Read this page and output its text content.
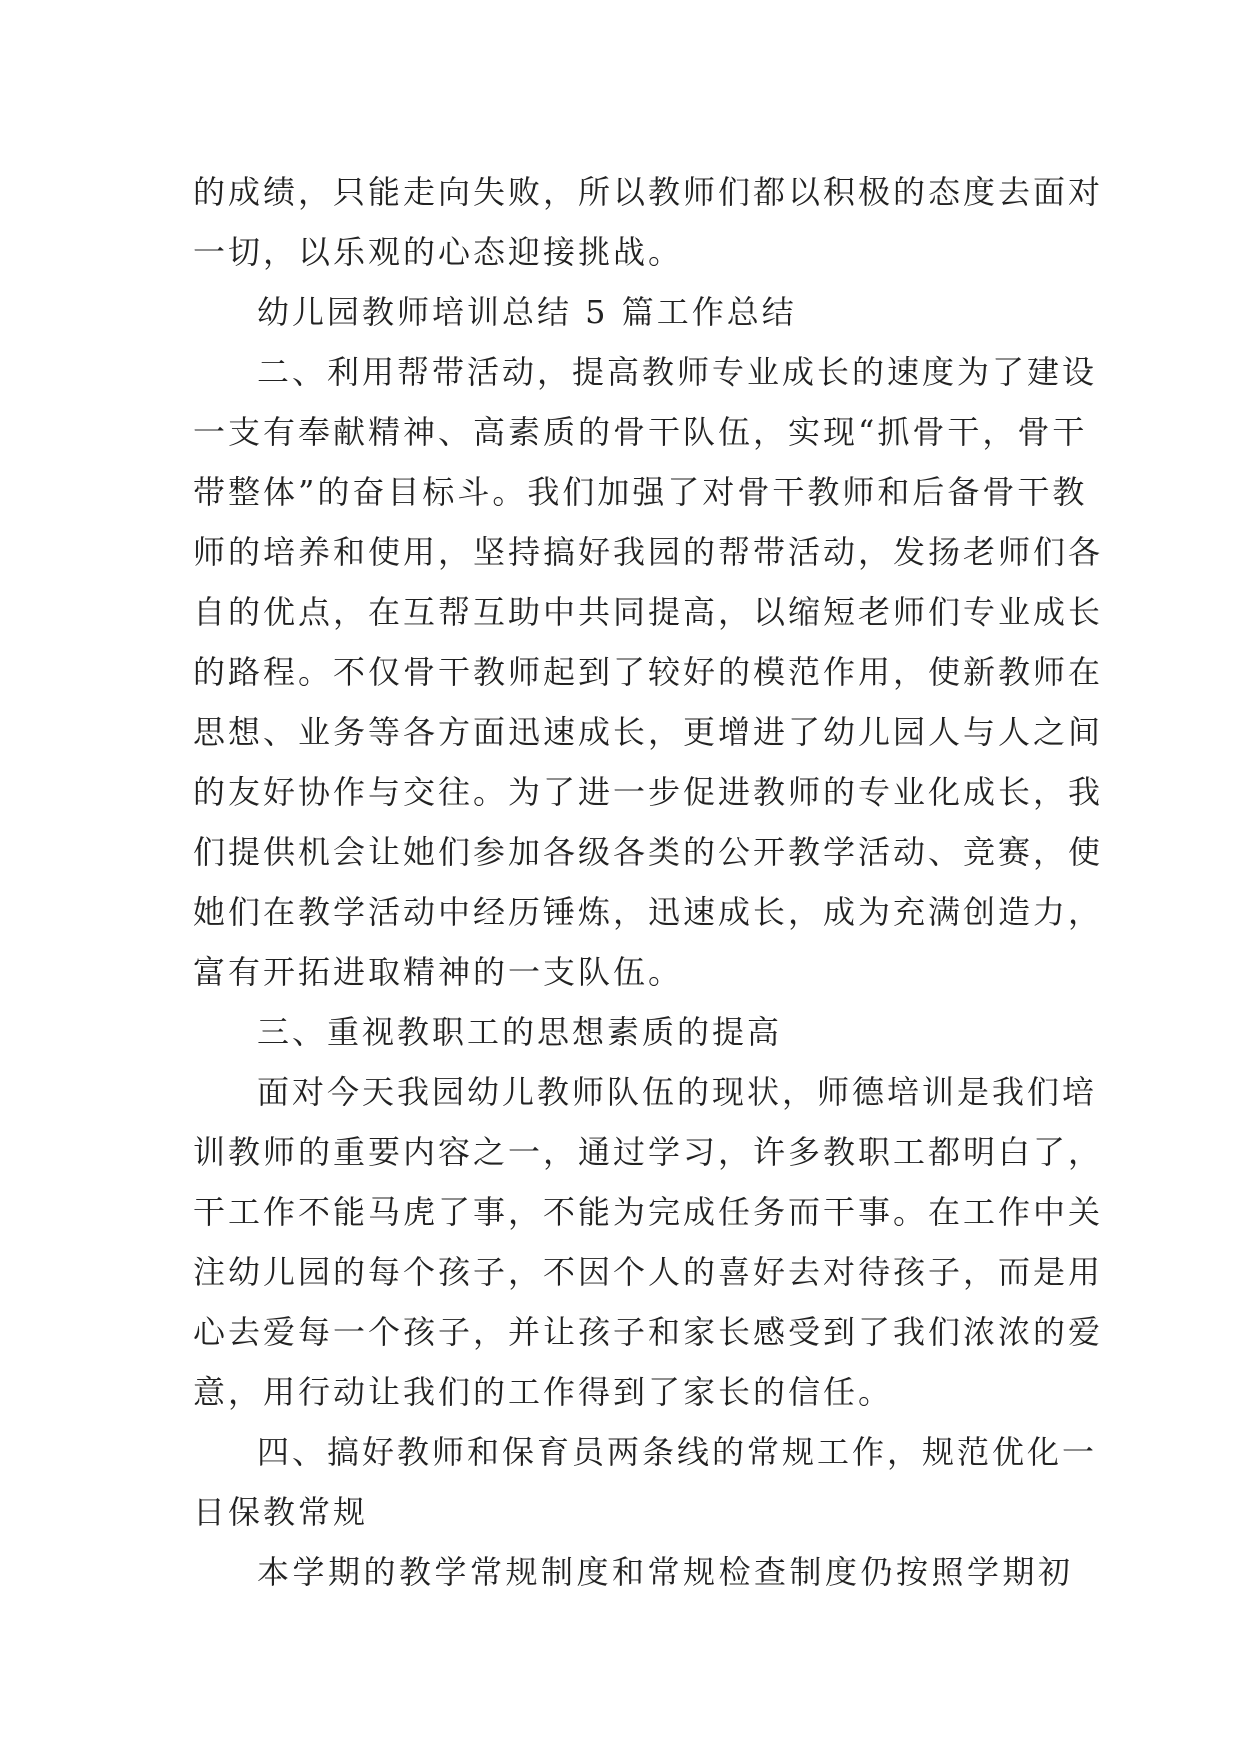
的成绩，只能走向失败，所以教师们都以积极的态度去面对
一切，以乐观的心态迎接挑战。
幼儿园教师培训总结 5 篇工作总结
二、利用帮带活动，提高教师专业成长的速度为了建设
一支有奉献精神、高素质的骨干队伍，实现“抓骨干，骨干
带整体”的奋目标斗。我们加强了对骨干教师和后备骨干教
师的培养和使用，坚持搞好我园的帮带活动，发扬老师们各
自的优点，在互帮互助中共同提高，以缩短老师们专业成长
的路程。不仅骨干教师起到了较好的模范作用，使新教师在
思想、业务等各方面迅速成长，更增进了幼儿园人与人之间
的友好协作与交往。为了进一步促进教师的专业化成长，我
们提供机会让她们参加各级各类的公开教学活动、竞赛，使
她们在教学活动中经历锤炼，迅速成长，成为充满创造力，
富有开拓进取精神的一支队伍。
三、重视教职工的思想素质的提高
面对今天我园幼儿教师队伍的现状，师德培训是我们培
训教师的重要内容之一，通过学习，许多教职工都明白了，
干工作不能马虎了事，不能为完成任务而干事。在工作中关
注幼儿园的每个孩子，不因个人的喜好去对待孩子，而是用
心去爱每一个孩子，并让孩子和家长感受到了我们浓浓的爱
意，用行动让我们的工作得到了家长的信任。
四、搞好教师和保育员两条线的常规工作，规范优化一
日保教常规
本学期的教学常规制度和常规检查制度仍按照学期初
